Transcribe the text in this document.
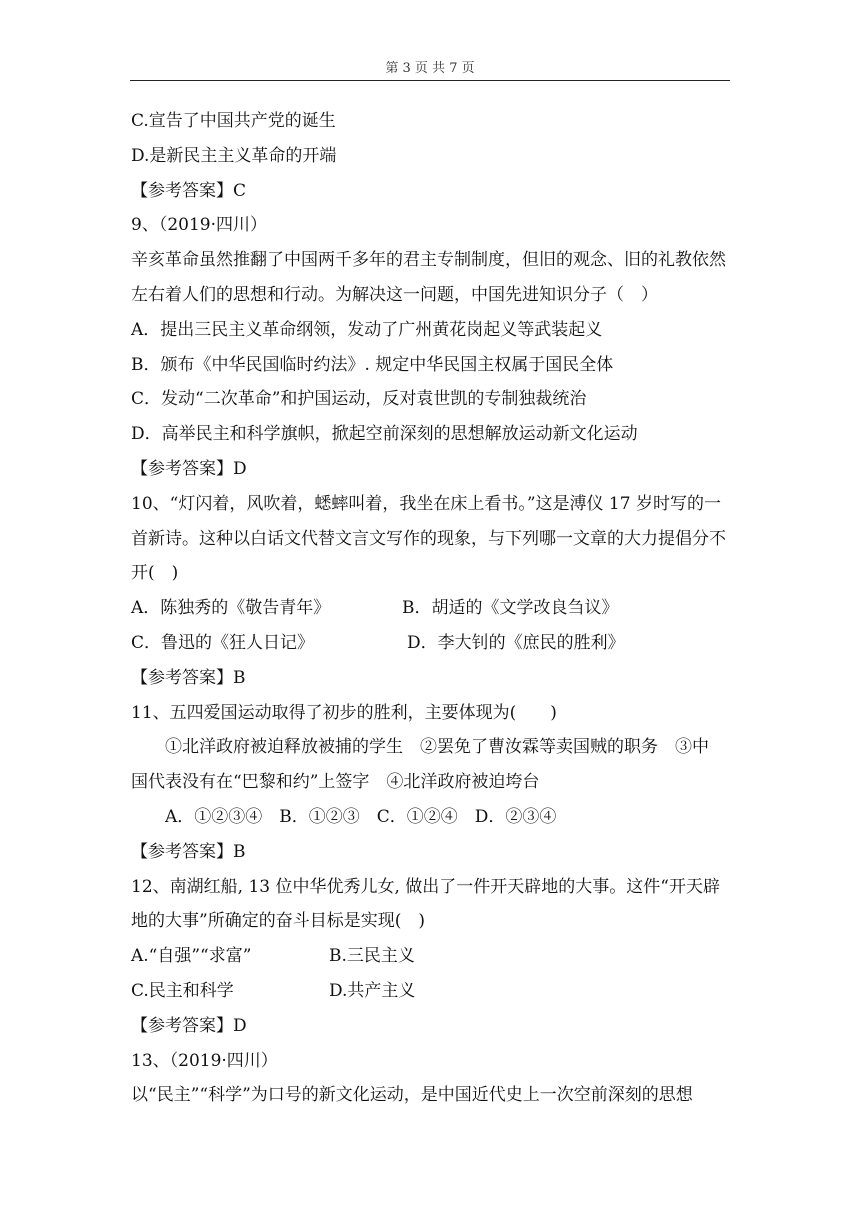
第 3 页 共 7 页
C.宣告了中国共产党的诞生
D.是新民主主义革命的开端
【参考答案】C
9、（2019·四川）
辛亥革命虽然推翻了中国两千多年的君主专制制度，但旧的观念、旧的礼教依然
左右着人们的思想和行动。为解决这一问题，中国先进知识分子（　）
A．提出三民主义革命纲领，发动了广州黄花岗起义等武装起义
B．颁布《中华民国临时约法》. 规定中华民国主权属于国民全体
C．发动“二次革命”和护国运动，反对袁世凯的专制独裁统治
D．高举民主和科学旗帜，掀起空前深刻的思想解放运动新文化运动
【参考答案】D
10、“灯闪着，风吹着，蟋蟀叫着，我坐在床上看书。”这是溥仪 17 岁时写的一
首新诗。这种以白话文代替文言文写作的现象，与下列哪一文章的大力提倡分不
开(　)
A．陈独秀的《敬告青年》	B．胡适的《文学改良刍议》
C．鲁迅的《狂人日记》	D．李大钊的《庶民的胜利》
【参考答案】B
11、五四爱国运动取得了初步的胜利，主要体现为(　　)
①北洋政府被迫释放被捕的学生　②罢免了曹汝霖等卖国贼的职务　③中
国代表没有在“巴黎和约”上签字　④北洋政府被迫垮台
A．①②③④　B．①②③　C．①②④　D．②③④
【参考答案】B
12、南湖红船, 13 位中华优秀儿女, 做出了一件开天辟地的大事。这件“开天辟
地的大事”所确定的奋斗目标是实现(　)
A.“自强”“求富”	B.三民主义
C.民主和科学	D.共产主义
【参考答案】D
13、（2019·四川）
以“民主”“科学”为口号的新文化运动，是中国近代史上一次空前深刻的思想
